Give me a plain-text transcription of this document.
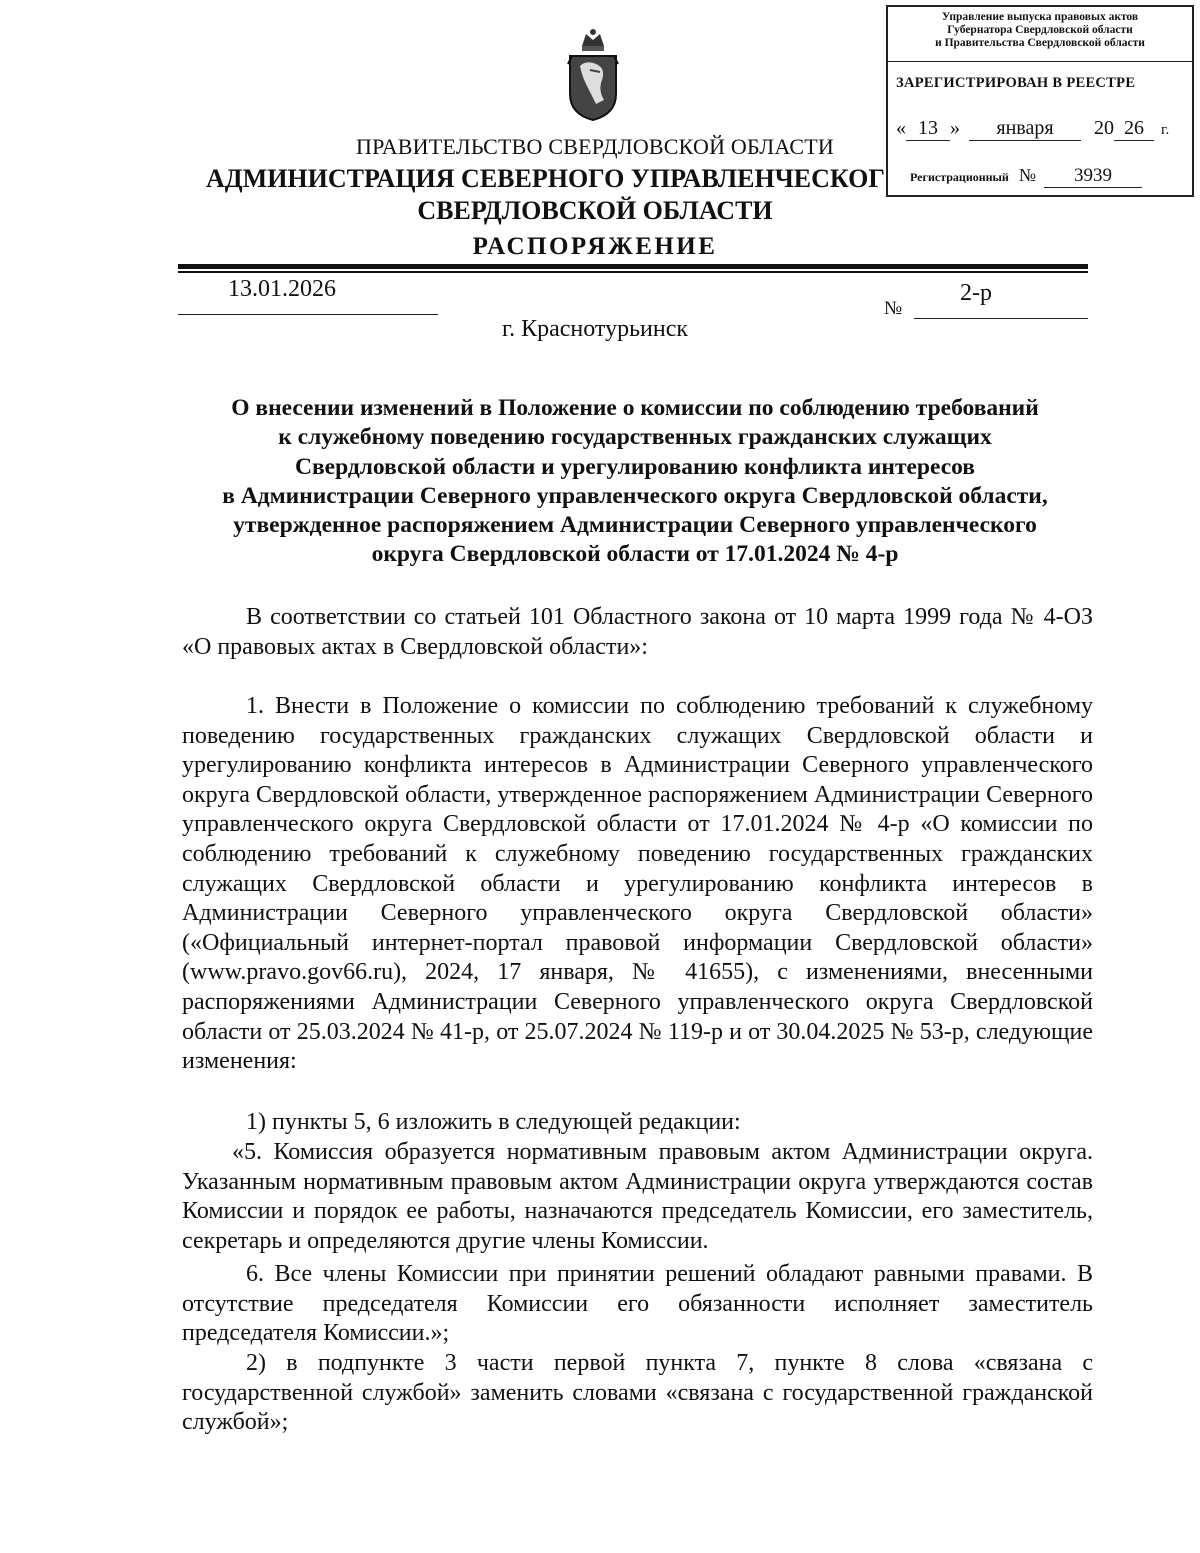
Управление выпуска правовых актов
Губернатора Свердловской области
и Правительства Свердловской области
ЗАРЕГИСТРИРОВАН В РЕЕСТРЕ
« 13 » января 20 26 г.
Регистрационный № 3939
ПРАВИТЕЛЬСТВО СВЕРДЛОВСКОЙ ОБЛАСТИ
АДМИНИСТРАЦИЯ СЕВЕРНОГО УПРАВЛЕНЧЕСКОГ
СВЕРДЛОВСКОЙ ОБЛАСТИ
РАСПОРЯЖЕНИЕ
13.01.2026
№
2-р
г. Краснотурьинск
О внесении изменений в Положение о комиссии по соблюдению требований
к служебному поведению государственных гражданских служащих
Свердловской области и урегулированию конфликта интересов
в Администрации Северного управленческого округа Свердловской области,
утвержденное распоряжением Администрации Северного управленческого
округа Свердловской области от 17.01.2024 № 4-р

В соответствии со статьей 101 Областного закона от 10 марта 1999 года № 4-ОЗ «О правовых актах в Свердловской области»:

1. Внести в Положение о комиссии по соблюдению требований к служебному поведению государственных гражданских служащих Свердловской области и урегулированию конфликта интересов в Администрации Северного управленческого округа Свердловской области, утвержденное распоряжением Администрации Северного управленческого округа Свердловской области от 17.01.2024 № 4-р «О комиссии по соблюдению требований к служебному поведению государственных гражданских служащих Свердловской области и урегулированию конфликта интересов в Администрации Северного управленческого округа Свердловской области» («Официальный интернет-портал правовой информации Свердловской области» (www.pravo.gov66.ru), 2024, 17 января, № 41655), с изменениями, внесенными распоряжениями Администрации Северного управленческого округа Свердловской области от 25.03.2024 № 41-р, от 25.07.2024 № 119-р и от 30.04.2025 № 53-р, следующие изменения:

1) пункты 5, 6 изложить в следующей редакции:

«5. Комиссия образуется нормативным правовым актом Администрации округа. Указанным нормативным правовым актом Администрации округа утверждаются состав Комиссии и порядок ее работы, назначаются председатель Комиссии, его заместитель, секретарь и определяются другие члены Комиссии.

6. Все члены Комиссии при принятии решений обладают равными правами. В отсутствие председателя Комиссии его обязанности исполняет заместитель председателя Комиссии.»;

2) в подпункте 3 части первой пункта 7, пункте 8 слова «связана с государственной службой» заменить словами «связана с государственной гражданской службой»;
